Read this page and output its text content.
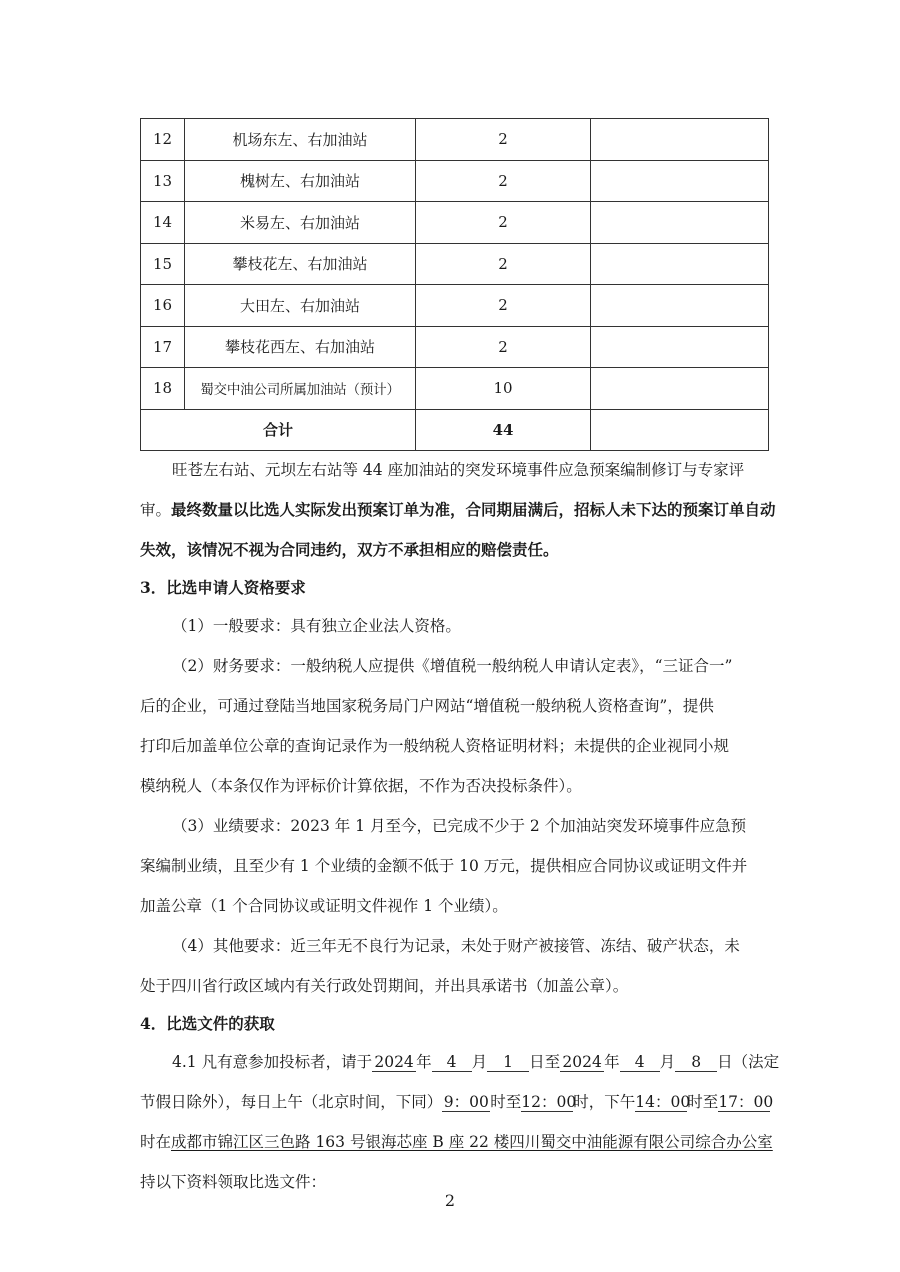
12	机场东左、右加油站	2	
13	槐树左、右加油站	2	
14	米易左、右加油站	2	
15	攀枝花左、右加油站	2	
16	大田左、右加油站	2	
17	攀枝花西左、右加油站	2	
18	蜀交中油公司所属加油站（预计）	10	
合计		44	
旺苍左右站、元坝左右站等 44 座加油站的突发环境事件应急预案编制修订与专家评
审。最终数量以比选人实际发出预案订单为准，合同期届满后，招标人未下达的预案订单自动
失效，该情况不视为合同违约，双方不承担相应的赔偿责任。
3．比选申请人资格要求
（1）一般要求：具有独立企业法人资格。
（2）财务要求：一般纳税人应提供《增值税一般纳税人申请认定表》，“三证合一”
后的企业，可通过登陆当地国家税务局门户网站“增值税一般纳税人资格查询”，提供
打印后加盖单位公章的查询记录作为一般纳税人资格证明材料；未提供的企业视同小规
模纳税人（本条仅作为评标价计算依据，不作为否决投标条件）。
（3）业绩要求：2023 年 1 月至今，已完成不少于 2 个加油站突发环境事件应急预
案编制业绩，且至少有 1 个业绩的金额不低于 10 万元，提供相应合同协议或证明文件并
加盖公章（1 个合同协议或证明文件视作 1 个业绩）。
（4）其他要求：近三年无不良行为记录，未处于财产被接管、冻结、破产状态，未
处于四川省行政区域内有关行政处罚期间，并出具承诺书（加盖公章）。
4．比选文件的获取
4.1 凡有意参加投标者，请于 2024 年 4 月 1 日至 2024 年 4 月 8 日（法定
节假日除外），每日上午（北京时间，下同）9：00时至12：00时，下午14：00时至17：00
时在成都市锦江区三色路 163 号银海芯座 B 座 22 楼四川蜀交中油能源有限公司综合办公室
持以下资料领取比选文件：
2
